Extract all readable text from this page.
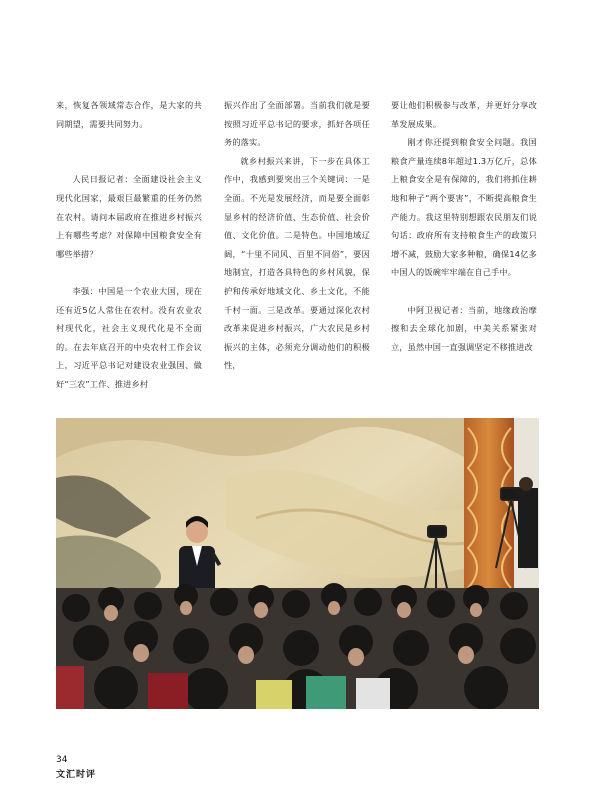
来，恢复各领域常态合作，是大家的共同期望，需要共同努力。

人民日报记者：全面建设社会主义现代化国家，最艰巨最繁重的任务仍然在农村。请问本届政府在推进乡村振兴上有哪些考虑？对保障中国粮食安全有哪些举措？

李强：中国是一个农业大国，现在还有近5亿人常住在农村。没有农业农村现代化，社会主义现代化是不全面的。在去年底召开的中央农村工作会议上，习近平总书记对建设农业强国、做好“三农”工作、推进乡村

振兴作出了全面部署。当前我们就是要按照习近平总书记的要求，抓好各项任务的落实。

就乡村振兴来讲，下一步在具体工作中，我感到要突出三个关键词：一是全面。不光是发展经济，而是要全面彰显乡村的经济价值、生态价值、社会价值、文化价值。二是特色。中国地域辽阔，“十里不同风、百里不同俗”，要因地制宜，打造各具特色的乡村风貌，保护和传承好地域文化、乡土文化，不能千村一面。三是改革。要通过深化农村改革来促进乡村振兴，广大农民是乡村振兴的主体，必须充分调动他们的积极性，

要让他们积极参与改革，并更好分享改革发展成果。

刚才你还提到粮食安全问题。我国粮食产量连续8年超过1.3万亿斤，总体上粮食安全是有保障的，我们将抓住耕地和种子“两个要害”，不断提高粮食生产能力。我这里特别想跟农民朋友们说句话：政府所有支持粮食生产的政策只增不减，鼓励大家多种粮，确保14亿多中国人的饭碗牢牢端在自己手中。

中阿卫视记者：当前，地缘政治摩擦和去全球化加剧，中美关系紧张对立，虽然中国一直强调坚定不移推进改

34
文汇时评
